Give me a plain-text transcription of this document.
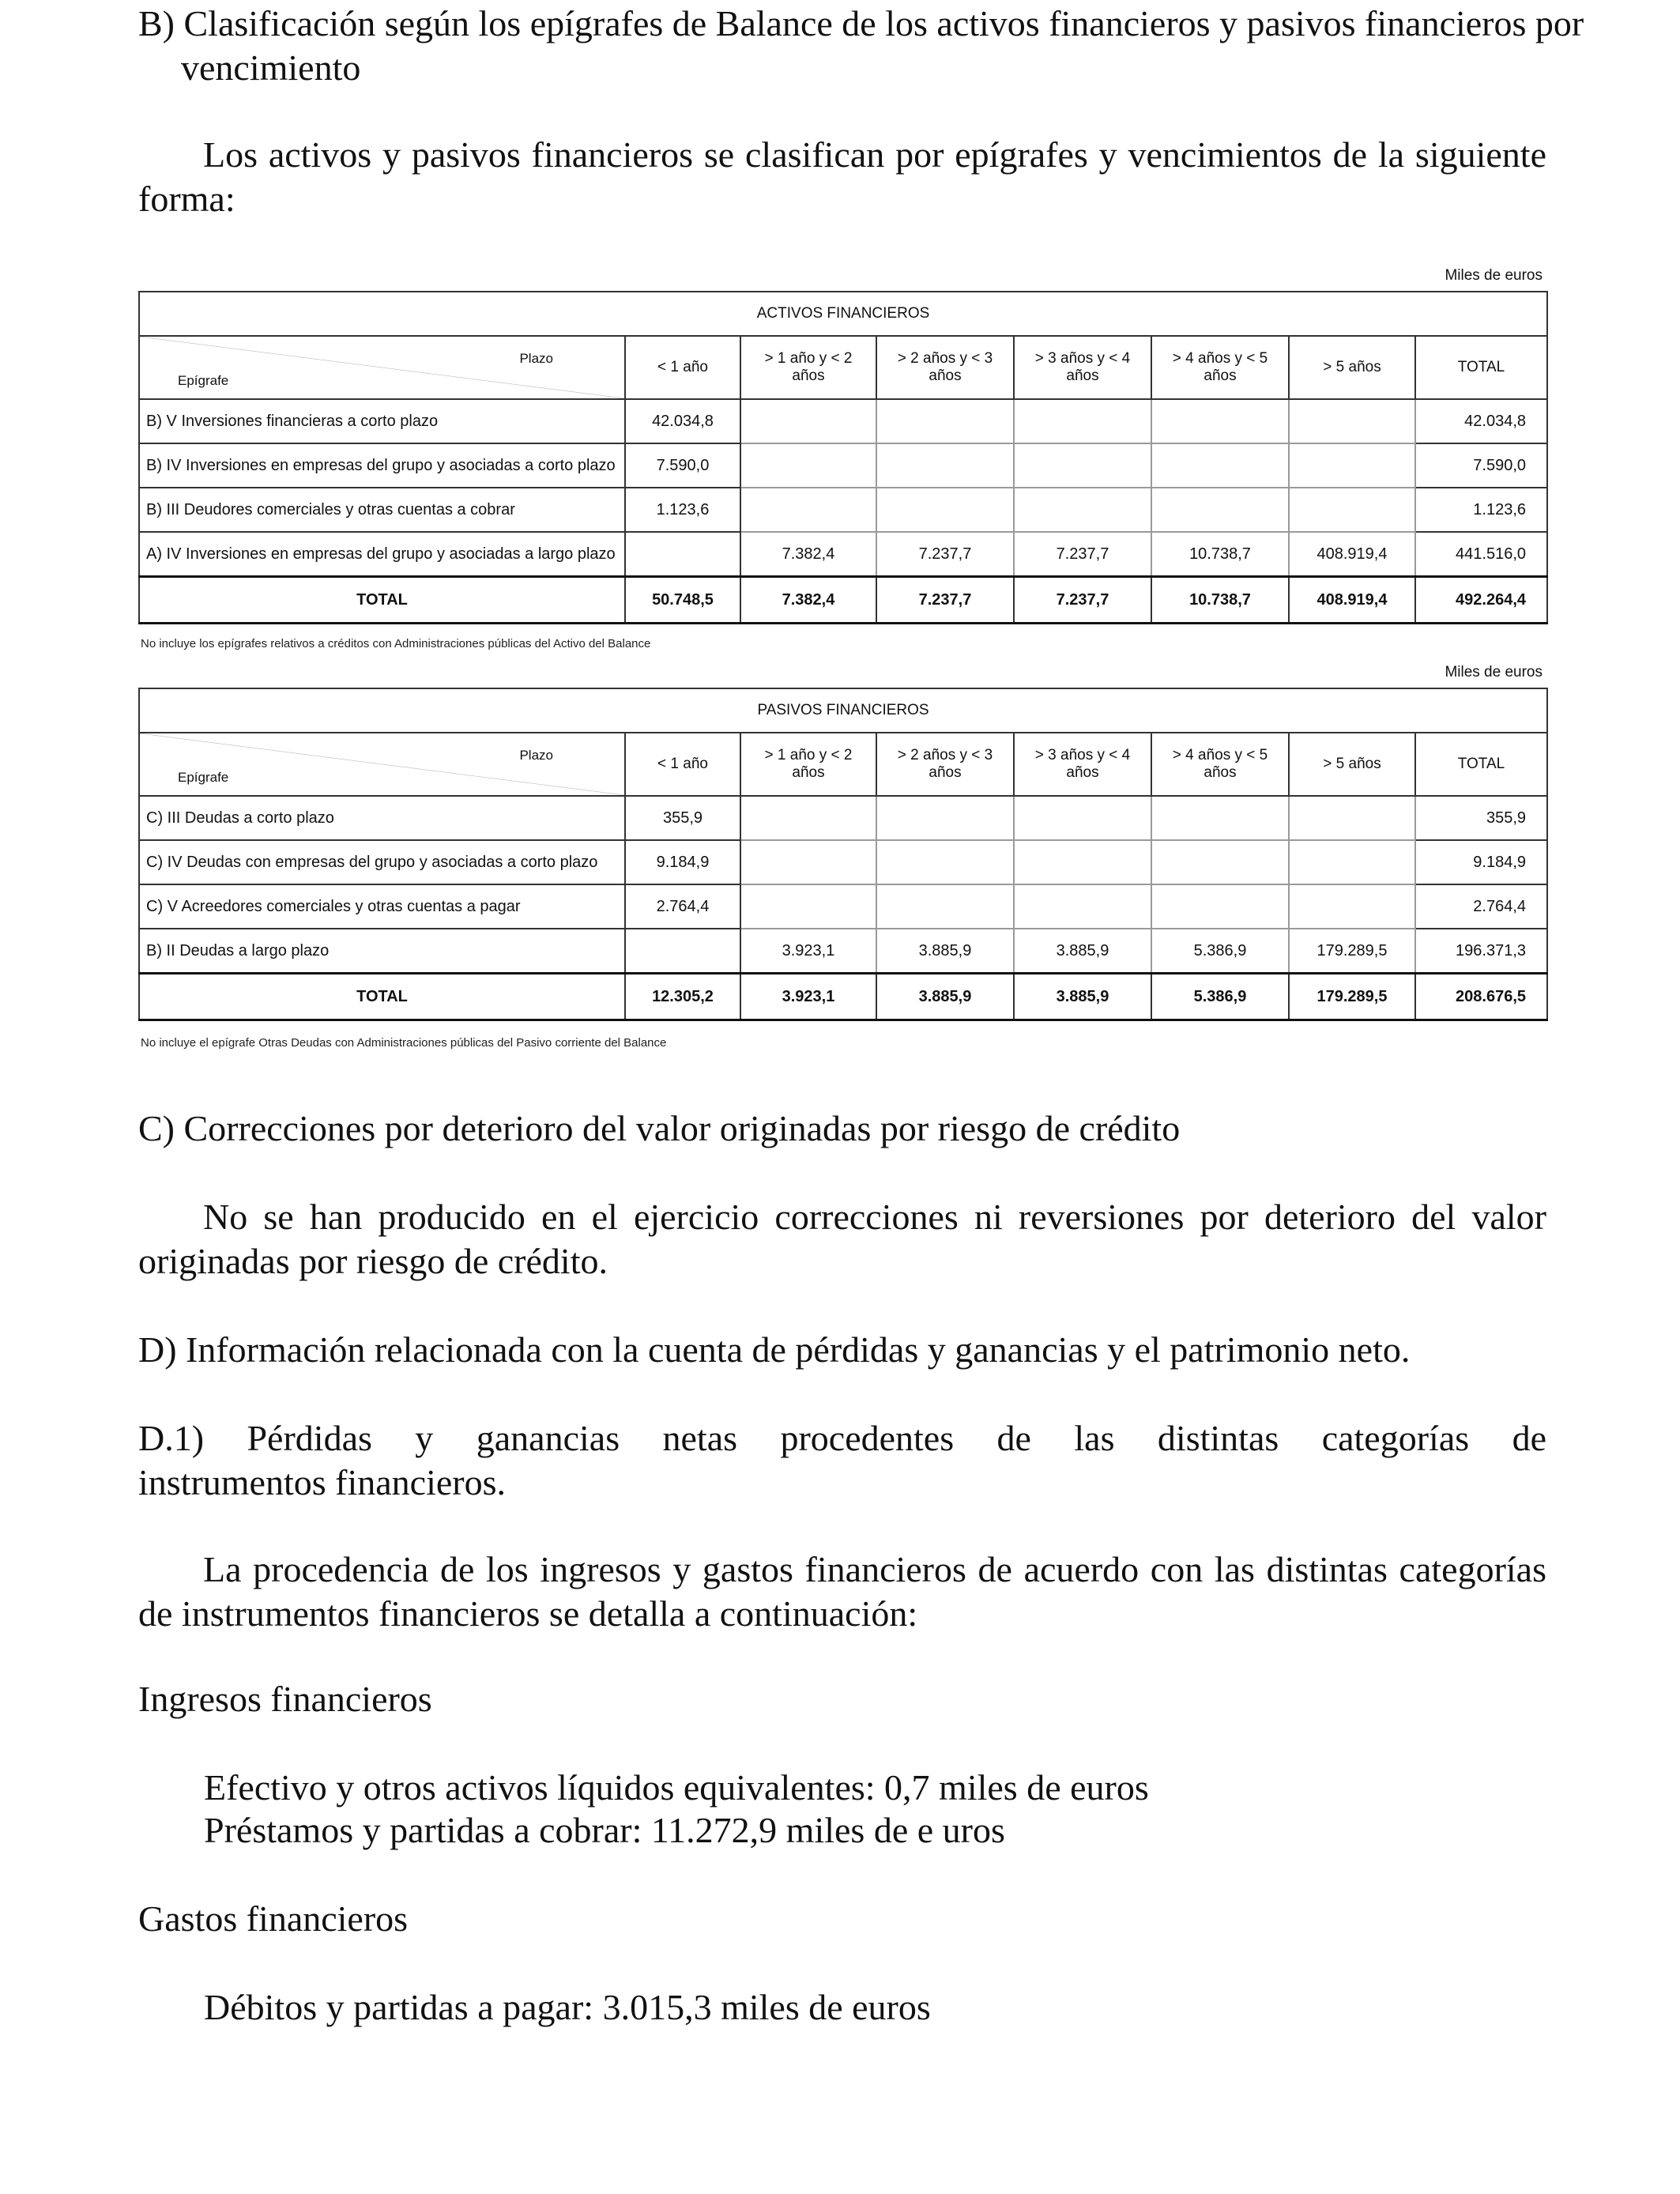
B) Clasificación según los epígrafes de Balance de los activos financieros y pasivos financieros por vencimiento
Los activos y pasivos financieros se clasifican por epígrafes y vencimientos de la siguiente forma:
Miles de euros
ACTIVOS FINANCIEROS							

Plazo
Epígrafe	< 1 año	> 1 año y < 2 años	> 2 años y < 3 años	> 3 años y < 4 años	> 4 años y < 5 años	> 5 años	TOTAL
B) V Inversiones financieras a corto plazo	42.034,8						42.034,8
B) IV Inversiones en empresas del grupo y asociadas a corto plazo	7.590,0						7.590,0
B) III Deudores comerciales y otras cuentas a cobrar	1.123,6						1.123,6
A) IV Inversiones en empresas del grupo y asociadas a largo plazo		7.382,4	7.237,7	7.237,7	10.738,7	408.919,4	441.516,0
TOTAL	50.748,5	7.382,4	7.237,7	7.237,7	10.738,7	408.919,4	492.264,4
No incluye los epígrafes relativos a créditos con Administraciones públicas del Activo del Balance
Miles de euros
PASIVOS FINANCIEROS							

Plazo
Epígrafe	< 1 año	> 1 año y < 2 años	> 2 años y < 3 años	> 3 años y < 4 años	> 4 años y < 5 años	> 5 años	TOTAL
C) III Deudas a corto plazo	355,9						355,9
C) IV Deudas con empresas del grupo y asociadas a corto plazo	9.184,9						9.184,9
C) V Acreedores comerciales y otras cuentas a pagar	2.764,4						2.764,4
B) II Deudas a largo plazo		3.923,1	3.885,9	3.885,9	5.386,9	179.289,5	196.371,3
TOTAL	12.305,2	3.923,1	3.885,9	3.885,9	5.386,9	179.289,5	208.676,5
No incluye el epígrafe Otras Deudas con Administraciones públicas del Pasivo corriente del Balance
C) Correcciones por deterioro del valor originadas por riesgo de crédito
No se han producido en el ejercicio correcciones ni reversiones por deterioro del valor originadas por riesgo de crédito.
D) Información relacionada con la cuenta de pérdidas y ganancias y el patrimonio neto.
D.1) Pérdidas y ganancias netas procedentes de las distintas categorías de
instrumentos financieros.
La procedencia de los ingresos y gastos financieros de acuerdo con las distintas categorías de instrumentos financieros se detalla a continuación:
Ingresos financieros
Efectivo y otros activos líquidos equivalentes: 0,7 miles de euros
Préstamos y partidas a cobrar: 11.272,9 miles de e uros
Gastos financieros
Débitos y partidas a pagar: 3.015,3 miles de euros
